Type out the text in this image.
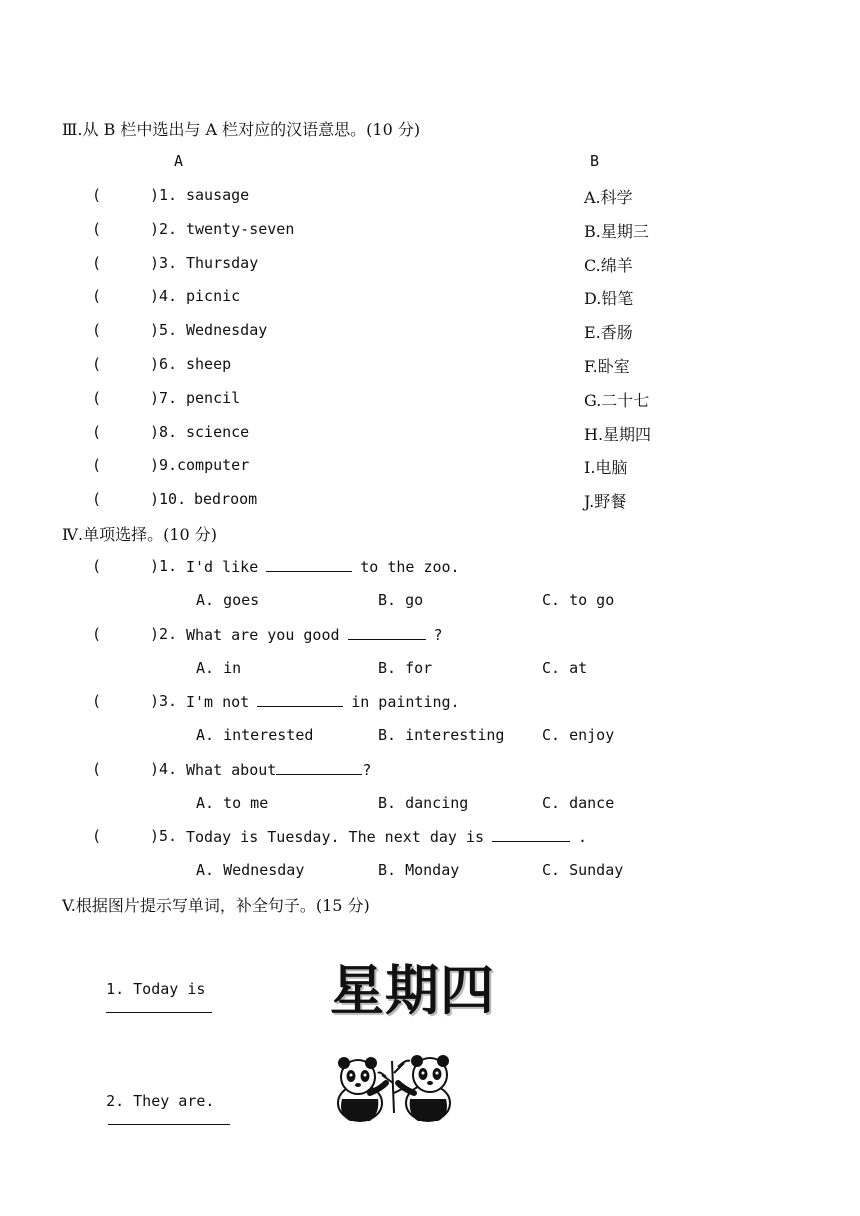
Ⅲ.从 B 栏中选出与 A 栏对应的汉语意思。(10 分)
A	B
(	)1. sausage	A.科学
(	)2. twenty-seven	B.星期三
(	)3. Thursday	C.绵羊
(	)4. picnic	D.铅笔
(	)5. Wednesday	E.香肠
(	)6. sheep	F.卧室
(	)7. pencil	G.二十七
(	)8. science	H.星期四
(	)9. computer	I.电脑
(	)10. bedroom	J.野餐
Ⅳ.单项选择。(10 分)
(	)1. I'd like	to the zoo.
A. goes	B. go	C. to go
(	)2. What are you good	?
A. in	B. for	C. at
(	)3. I'm not	in painting.
A. interested	B. interesting	C. enjoy
(	)4. What about	?
A. to me	B. dancing	C. dance
(	)5. Today is Tuesday. The next day is	.
A. Wednesday	B. Monday	C. Sunday
V.根据图片提示写单词，补全句子。(15 分)

1. Today is
星期四

2. They are.
